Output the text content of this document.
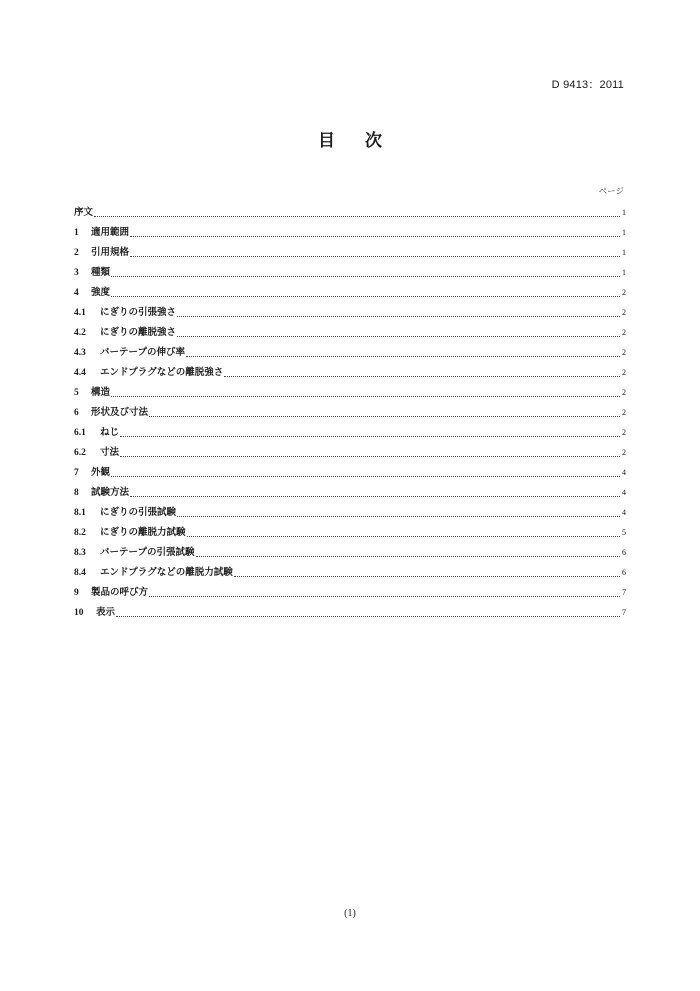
D 9413：2011
目 次
ページ
序文	1
1	適用範囲	1
2	引用規格	1
3	種類	1
4	強度	2
4.1	にぎりの引張強さ	2
4.2	にぎりの離脱強さ	2
4.3	バーテープの伸び率	2
4.4	エンドプラグなどの離脱強さ	2
5	構造	2
6	形状及び寸法	2
6.1	ねじ	2
6.2	寸法	2
7	外観	4
8	試験方法	4
8.1	にぎりの引張試験	4
8.2	にぎりの離脱力試験	5
8.3	バーテープの引張試験	6
8.4	エンドプラグなどの離脱力試験	6
9	製品の呼び方	7
10	表示	7
(1)
